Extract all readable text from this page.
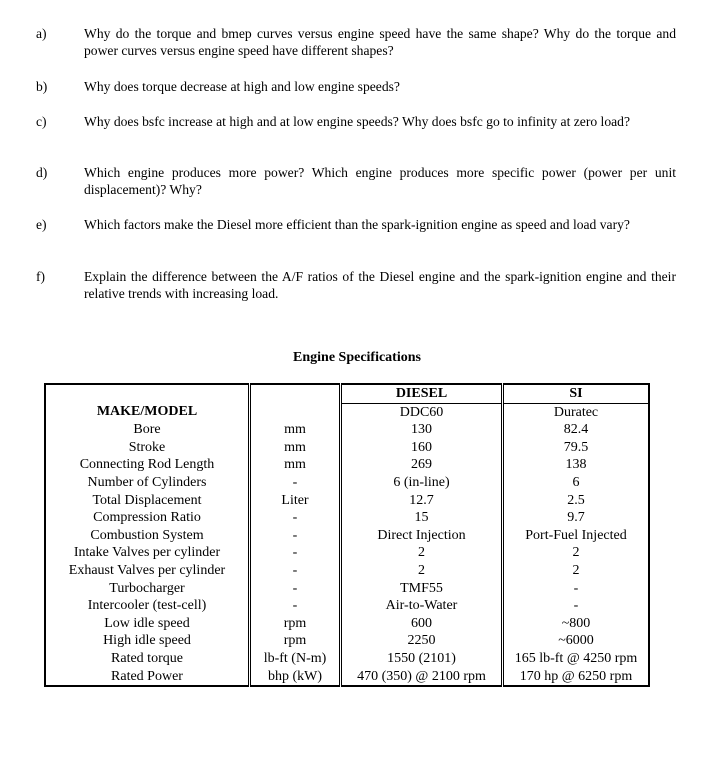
a)	Why do the torque and bmep curves versus engine speed have the same shape? Why do the torque and power curves versus engine speed have different shapes?
b)	Why does torque decrease at high and low engine speeds?
c)	Why does bsfc increase at high and at low engine speeds? Why does bsfc go to infinity at zero load?
d)	Which engine produces more power? Which engine produces more specific power (power per unit displacement)? Why?
e)	Which factors make the Diesel more efficient than the spark-ignition engine as speed and load vary?
f)	Explain the difference between the A/F ratios of the Diesel engine and the spark-ignition engine and their relative trends with increasing load.
Engine Specifications
		DIESEL	SI
MAKE/MODEL		DDC60	Duratec
Bore	mm	130	82.4
Stroke	mm	160	79.5
Connecting Rod Length	mm	269	138
Number of Cylinders	-	6 (in-line)	6
Total Displacement	Liter	12.7	2.5
Compression Ratio	-	15	9.7
Combustion System	-	Direct Injection	Port-Fuel Injected
Intake Valves per cylinder	-	2	2
Exhaust Valves per cylinder	-	2	2
Turbocharger	-	TMF55	-
Intercooler (test-cell)	-	Air-to-Water	-
Low idle speed	rpm	600	~800
High idle speed	rpm	2250	~6000
Rated torque	lb-ft (N-m)	1550 (2101)	165 lb-ft @ 4250 rpm
Rated Power	bhp (kW)	470 (350) @ 2100 rpm	170 hp @ 6250 rpm
